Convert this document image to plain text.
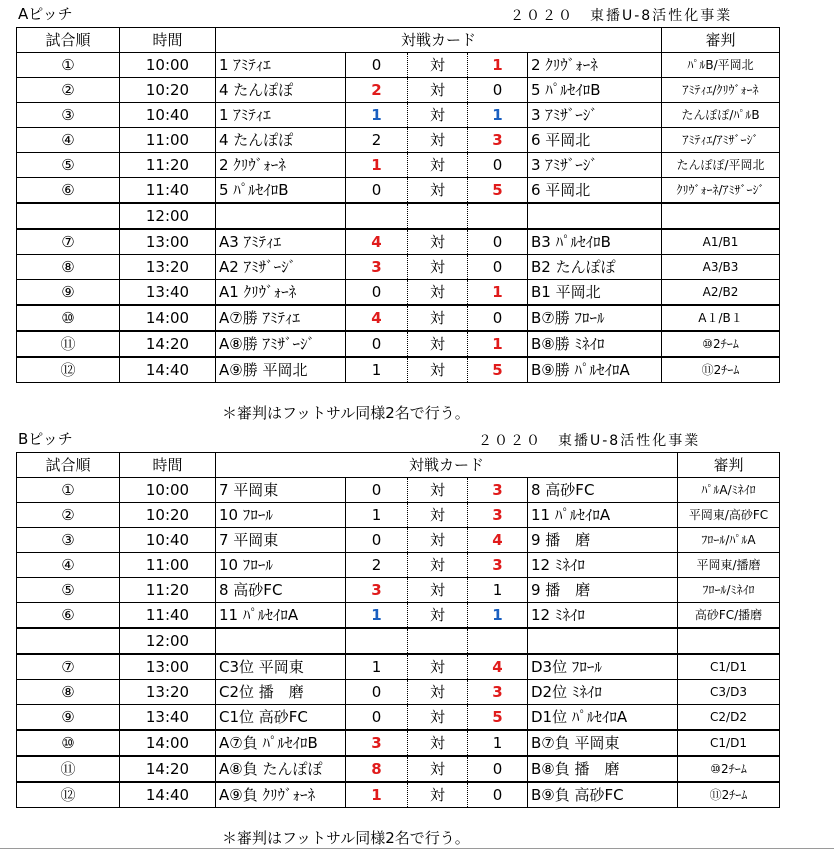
Aピッチ	２０２０　東播U-8活性化事業
試合順	時間	対戦カード					審判
①	10:00	1 ｱﾐﾃｨｴ	0	対	1	2 ｸﾘｳﾞｫｰﾈ	ﾊﾟﾙB/平岡北
②	10:20	4 たんぽぽ	2	対	0	5 ﾊﾟﾙｾｲﾛB	ｱﾐﾃｨｴ/ｸﾘｳﾞｫｰﾈ
③	10:40	1 ｱﾐﾃｨｴ	1	対	1	3 ｱﾐｻﾞｰｼﾞ	たんぽぽ/ﾊﾟﾙB
④	11:00	4 たんぽぽ	2	対	3	6 平岡北	ｱﾐﾃｨｴ/ｱﾐｻﾞｰｼﾞ
⑤	11:20	2 ｸﾘｳﾞｫｰﾈ	1	対	0	3 ｱﾐｻﾞｰｼﾞ	たんぽぽ/平岡北
⑥	11:40	5 ﾊﾟﾙｾｲﾛB	0	対	5	6 平岡北	ｸﾘｳﾞｫｰﾈ/ｱﾐｻﾞｰｼﾞ
	12:00						
⑦	13:00	A3 ｱﾐﾃｨｴ	4	対	0	B3 ﾊﾟﾙｾｲﾛB	A1/B1
⑧	13:20	A2 ｱﾐｻﾞｰｼﾞ	3	対	0	B2 たんぽぽ	A3/B3
⑨	13:40	A1 ｸﾘｳﾞｫｰﾈ	0	対	1	B1 平岡北	A2/B2
⑩	14:00	A⑦勝 ｱﾐﾃｨｴ	4	対	0	B⑦勝 ﾌﾛｰﾙ	A１/B１
⑪	14:20	A⑧勝 ｱﾐｻﾞｰｼﾞ	0	対	1	B⑧勝 ﾐﾈｲﾛ	⑩2ﾁｰﾑ
⑫	14:40	A⑨勝 平岡北	1	対	5	B⑨勝 ﾊﾟﾙｾｲﾛA	⑪2ﾁｰﾑ
＊審判はフットサル同様2名で行う。
Bピッチ	２０２０　東播U-8活性化事業
試合順	時間	対戦カード					審判
①	10:00	7 平岡東	0	対	3	8 高砂FC	ﾊﾟﾙA/ﾐﾈｲﾛ
②	10:20	10 ﾌﾛｰﾙ	1	対	3	11 ﾊﾟﾙｾｲﾛA	平岡東/高砂FC
③	10:40	7 平岡東	0	対	4	9 播　磨	ﾌﾛｰﾙ/ﾊﾟﾙA
④	11:00	10 ﾌﾛｰﾙ	2	対	3	12 ﾐﾈｲﾛ	平岡東/播磨
⑤	11:20	8 高砂FC	3	対	1	9 播　磨	ﾌﾛｰﾙ/ﾐﾈｲﾛ
⑥	11:40	11 ﾊﾟﾙｾｲﾛA	1	対	1	12 ﾐﾈｲﾛ	高砂FC/播磨
	12:00						
⑦	13:00	C3位 平岡東	1	対	4	D3位 ﾌﾛｰﾙ	C1/D1
⑧	13:20	C2位 播　磨	0	対	3	D2位 ﾐﾈｲﾛ	C3/D3
⑨	13:40	C1位 高砂FC	0	対	5	D1位 ﾊﾟﾙｾｲﾛA	C2/D2
⑩	14:00	A⑦負 ﾊﾟﾙｾｲﾛB	3	対	1	B⑦負 平岡東	C1/D1
⑪	14:20	A⑧負 たんぽぽ	8	対	0	B⑧負 播　磨	⑩2ﾁｰﾑ
⑫	14:40	A⑨負 ｸﾘｳﾞｫｰﾈ	1	対	0	B⑨負 高砂FC	⑪2ﾁｰﾑ
＊審判はフットサル同様2名で行う。
